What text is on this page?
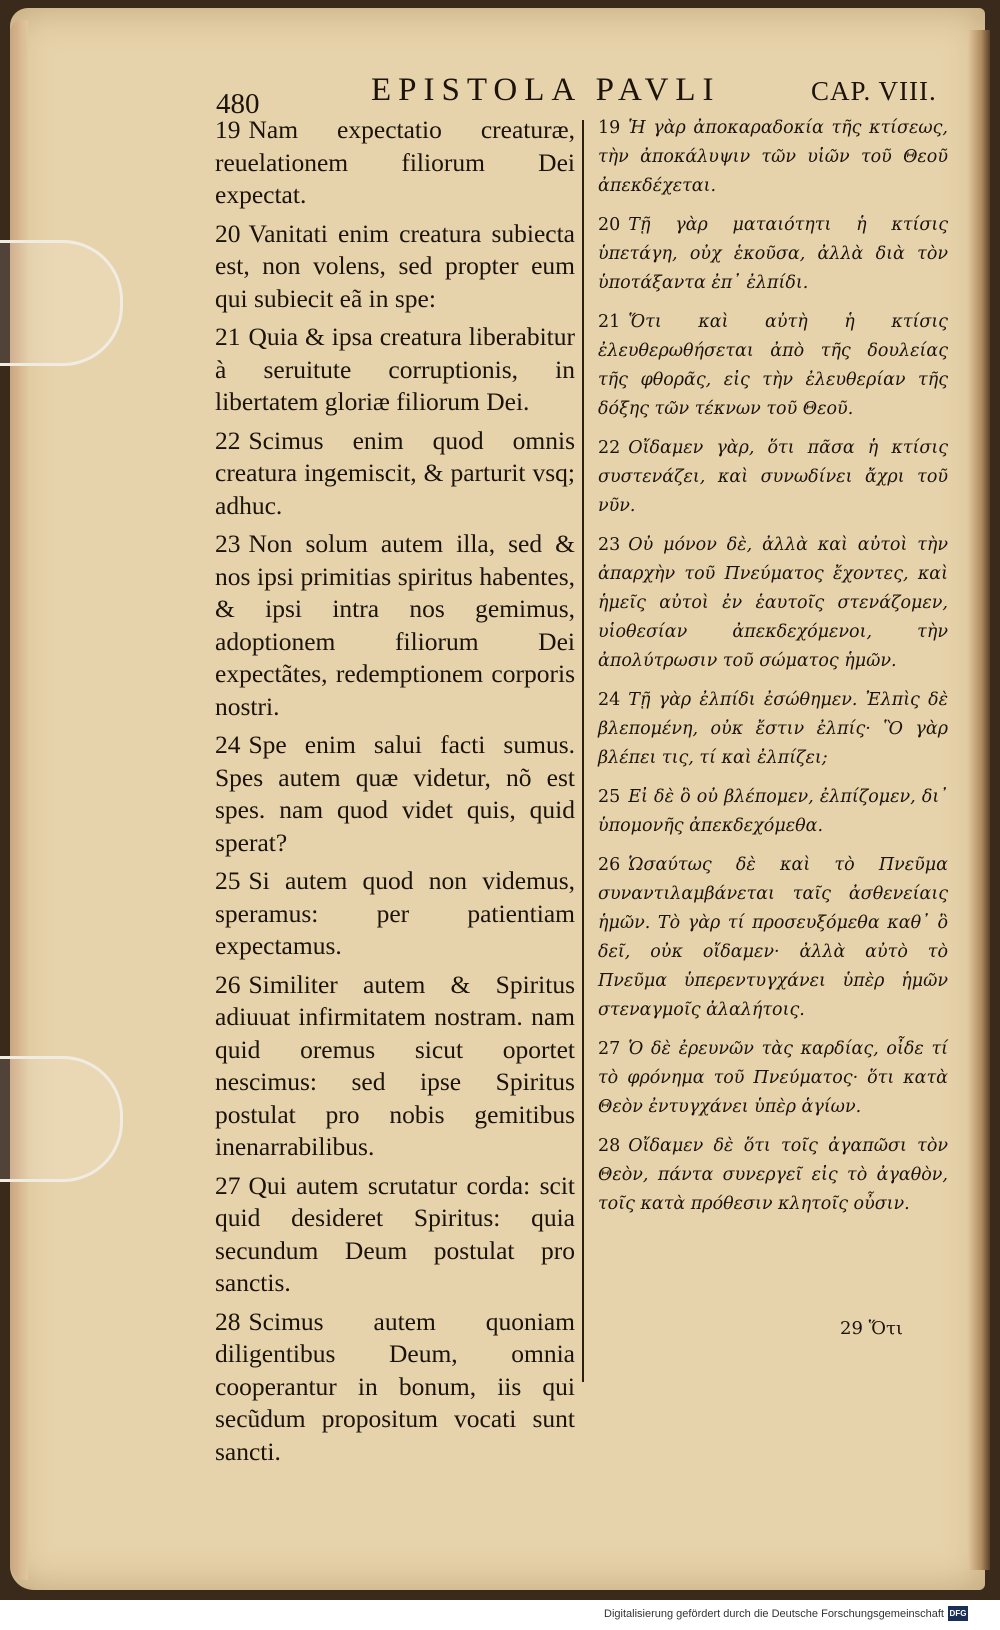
480	EPISTOLA PAVLI	CAP. VIII.

19 Nam expectatio creaturæ, reuelationem filiorum Dei expectat.

20 Vanitati enim creatura subiecta est, non volens, sed propter eum qui subiecit eã in spe:

21 Quia & ipsa creatura liberabitur à seruitute corruptionis, in libertatem gloriæ filiorum Dei.

22 Scimus enim quod omnis creatura ingemiscit, & parturit vsq; adhuc.

23 Non solum autem illa, sed & nos ipsi primitias spiritus habentes, & ipsi intra nos gemimus, adoptionem filiorum Dei expectãtes, redemptionem corporis nostri.

24 Spe enim salui facti sumus. Spes autem quæ videtur, nõ est spes. nam quod videt quis, quid sperat?

25 Si autem quod non videmus, speramus: per patientiam expectamus.

26 Similiter autem & Spiritus adiuuat infirmitatem nostram. nam quid oremus sicut oportet nescimus: sed ipse Spiritus postulat pro nobis gemitibus inenarrabilibus.

27 Qui autem scrutatur corda: scit quid desideret Spiritus: quia secundum Deum postulat pro sanctis.

28 Scimus autem quoniam diligentibus Deum, omnia cooperantur in bonum, iis qui secũdum propositum vocati sunt sancti.

19 Ἡ γὰρ ἀποκαραδοκία τῆς κτίσεως, τὴν ἀποκάλυψιν τῶν υἱῶν τοῦ Θεοῦ ἀπεκδέχεται.

20 Τῇ γὰρ ματαιότητι ἡ κτίσις ὑπετάγη, οὐχ ἑκοῦσα, ἀλλὰ διὰ τὸν ὑποτάξαντα ἐπ᾽ ἐλπίδι.

21 Ὅτι καὶ αὐτὴ ἡ κτίσις ἐλευθερωθήσεται ἀπὸ τῆς δουλείας τῆς φθορᾶς, εἰς τὴν ἐλευθερίαν τῆς δόξης τῶν τέκνων τοῦ Θεοῦ.

22 Οἴδαμεν γὰρ, ὅτι πᾶσα ἡ κτίσις συστενάζει, καὶ συνωδίνει ἄχρι τοῦ νῦν.

23 Οὐ μόνον δὲ, ἀλλὰ καὶ αὐτοὶ τὴν ἀπαρχὴν τοῦ Πνεύματος ἔχοντες, καὶ ἡμεῖς αὐτοὶ ἐν ἑαυτοῖς στενάζομεν, υἱοθεσίαν ἀπεκδεχόμενοι, τὴν ἀπολύτρωσιν τοῦ σώματος ἡμῶν.

24 Τῇ γὰρ ἐλπίδι ἐσώθημεν. Ἐλπὶς δὲ βλεπομένη, οὐκ ἔστιν ἐλπίς· Ὃ γὰρ βλέπει τις, τί καὶ ἐλπίζει;

25 Εἰ δὲ ὃ οὐ βλέπομεν, ἐλπίζομεν, δι᾽ ὑπομονῆς ἀπεκδεχόμεθα.

26 Ὡσαύτως δὲ καὶ τὸ Πνεῦμα συναντιλαμβάνεται ταῖς ἀσθενείαις ἡμῶν. Τὸ γὰρ τί προσευξόμεθα καθ᾽ ὃ δεῖ, οὐκ οἴδαμεν· ἀλλὰ αὐτὸ τὸ Πνεῦμα ὑπερεντυγχάνει ὑπὲρ ἡμῶν στεναγμοῖς ἀλαλήτοις.

27 Ὁ δὲ ἐρευνῶν τὰς καρδίας, οἶδε τί τὸ φρόνημα τοῦ Πνεύματος· ὅτι κατὰ Θεὸν ἐντυγχάνει ὑπὲρ ἁγίων.

28 Οἴδαμεν δὲ ὅτι τοῖς ἀγαπῶσι τὸν Θεὸν, πάντα συνεργεῖ εἰς τὸ ἀγαθὸν, τοῖς κατὰ πρόθεσιν κλητοῖς οὖσιν.

29 Ὅτι
Digitalisierung gefördert durch die Deutsche Forschungsgemeinschaft DFG
